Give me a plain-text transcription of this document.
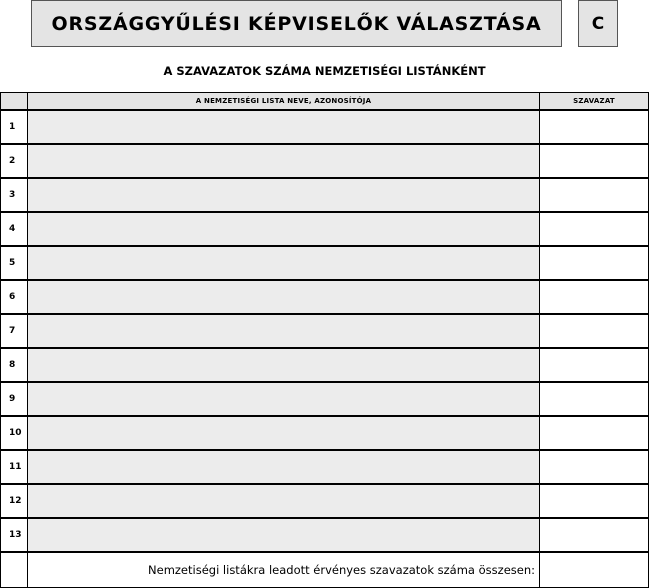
ORSZÁGGYŰLÉSI KÉPVISELŐK VÁLASZTÁSA	C
A SZAVAZATOK SZÁMA NEMZETISÉGI LISTÁNKÉNT
	A NEMZETISÉGI LISTA NEVE, AZONOSÍTÓJA	SZAVAZAT
1		
2		
3		
4		
5		
6		
7		
8		
9		
10		
11		
12		
13		
	Nemzetiségi listákra leadott érvényes szavazatok száma összesen:	
